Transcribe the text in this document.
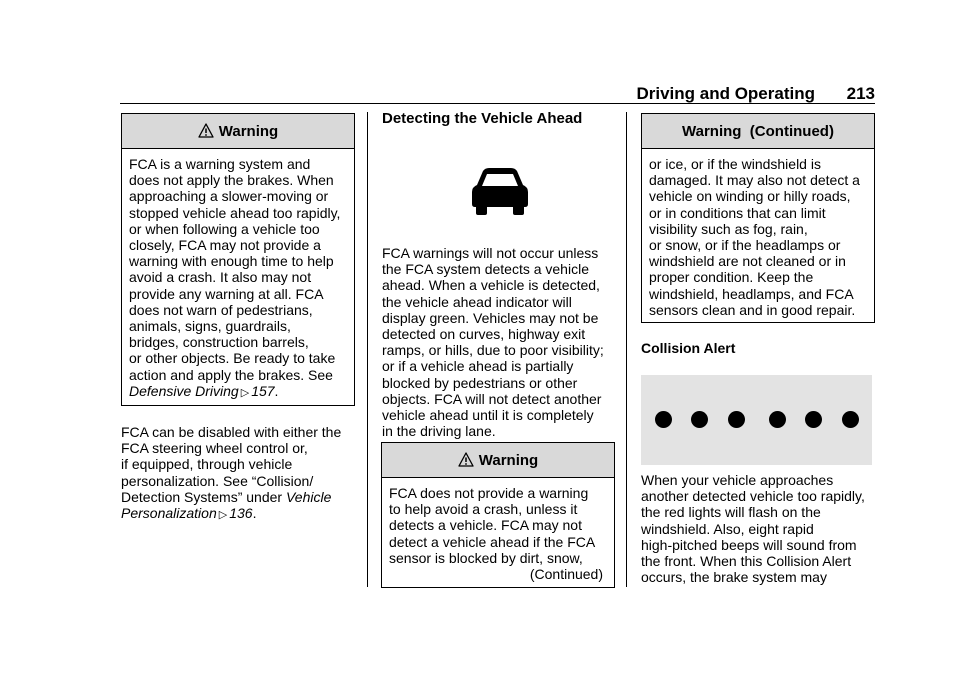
Driving and Operating 213
Warning
FCA is a warning system and
does not apply the brakes. When
approaching a slower-moving or
stopped vehicle ahead too rapidly,
or when following a vehicle too
closely, FCA may not provide a
warning with enough time to help
avoid a crash. It also may not
provide any warning at all. FCA
does not warn of pedestrians,
animals, signs, guardrails,
bridges, construction barrels,
or other objects. Be ready to take
action and apply the brakes. See
Defensive Driving ▷ 157.
FCA can be disabled with either the
FCA steering wheel control or,
if equipped, through vehicle
personalization. See “Collision/
Detection Systems” under Vehicle
Personalization ▷ 136.
Detecting the Vehicle Ahead
FCA warnings will not occur unless
the FCA system detects a vehicle
ahead. When a vehicle is detected,
the vehicle ahead indicator will
display green. Vehicles may not be
detected on curves, highway exit
ramps, or hills, due to poor visibility;
or if a vehicle ahead is partially
blocked by pedestrians or other
objects. FCA will not detect another
vehicle ahead until it is completely
in the driving lane.
Warning
FCA does not provide a warning
to help avoid a crash, unless it
detects a vehicle. FCA may not
detect a vehicle ahead if the FCA
sensor is blocked by dirt, snow,
(Continued)
Warning  (Continued)
or ice, or if the windshield is
damaged. It may also not detect a
vehicle on winding or hilly roads,
or in conditions that can limit
visibility such as fog, rain,
or snow, or if the headlamps or
windshield are not cleaned or in
proper condition. Keep the
windshield, headlamps, and FCA
sensors clean and in good repair.
Collision Alert
When your vehicle approaches
another detected vehicle too rapidly,
the red lights will flash on the
windshield. Also, eight rapid
high-pitched beeps will sound from
the front. When this Collision Alert
occurs, the brake system may
